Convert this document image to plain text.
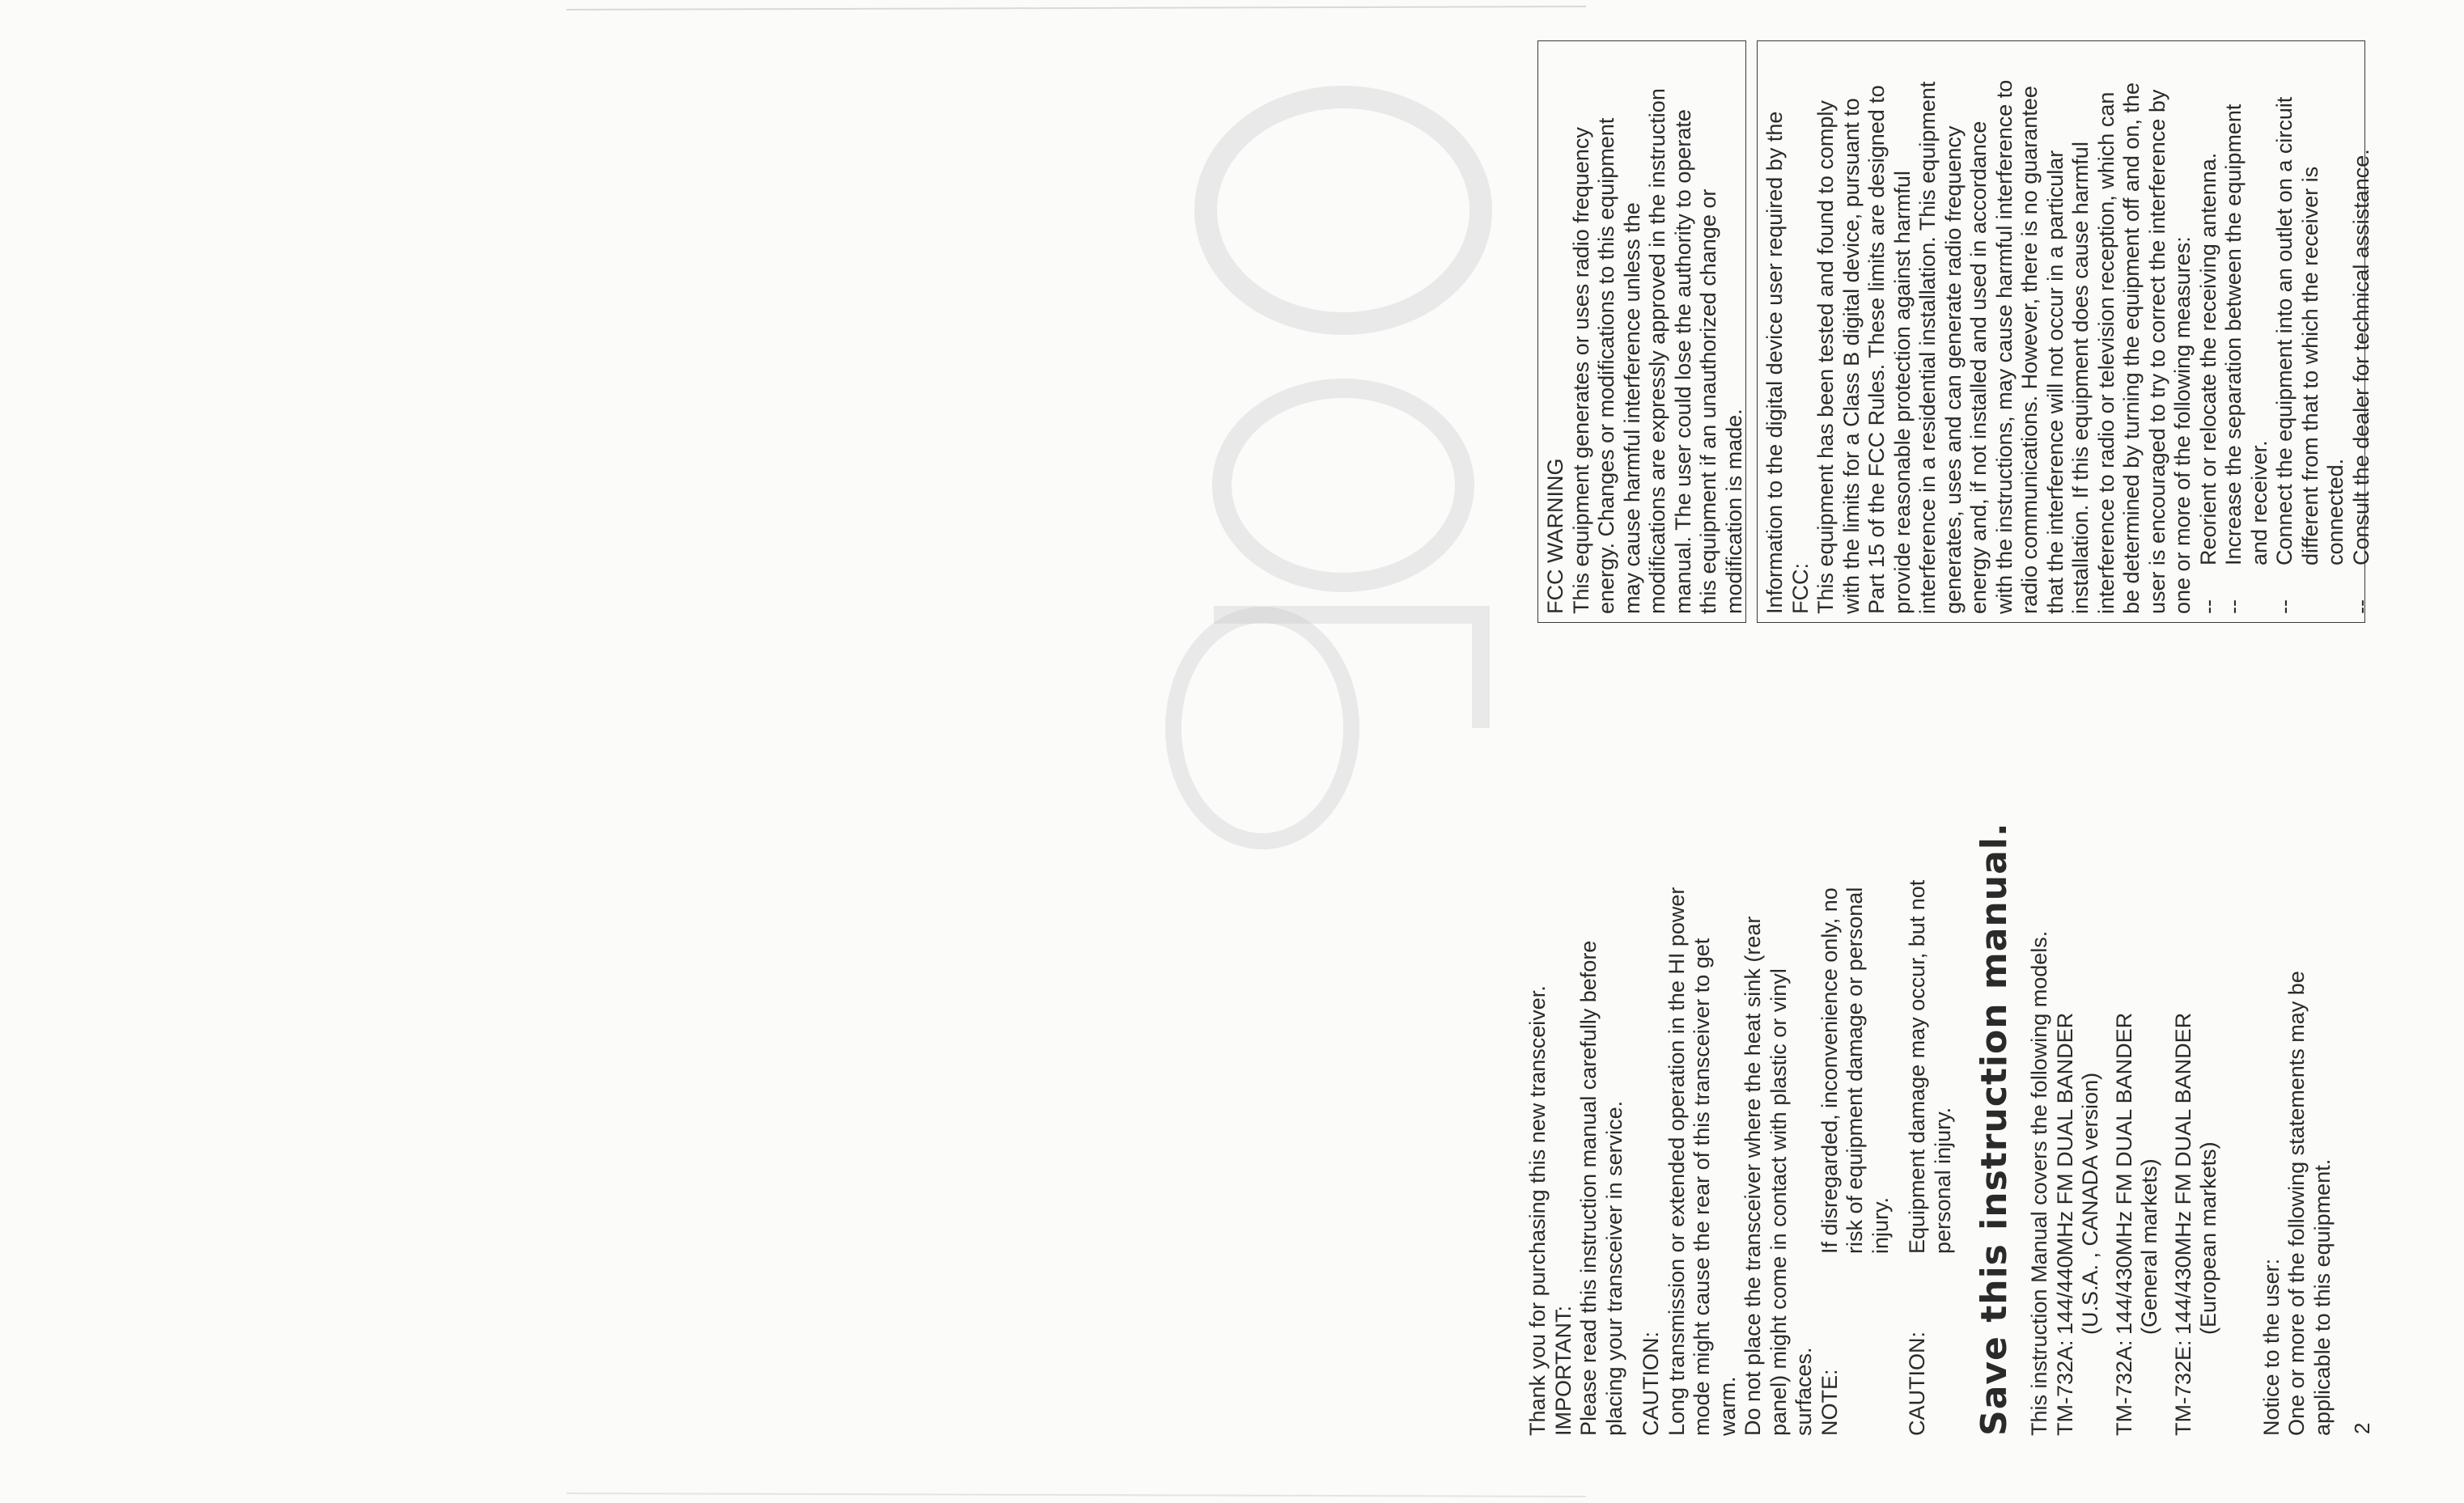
Thank you for purchasing this new transceiver. IMPORTANT: Please read this instruction manual carefully before placing your transceiver in service. CAUTION: Long transmission or extended operation in the HI power mode might cause the rear of this transceiver to get warm. Do not place the transceiver where the heat sink (rear panel) might come in contact with plastic or vinyl surfaces. NOTE:

If disregarded, inconvenience only, no risk of equipment damage or personal injury.

CAUTION:

Equipment damage may occur, but not personal injury. Save this instruction manual. This instruction Manual covers the following models. TM-732A:

144/440MHz FM DUAL BANDER (U.S.A. , CANADA version)

TM-732A:

144/430MHz FM DUAL BANDER (General markets)

TM-732E:

144/430MHz FM DUAL BANDER (European markets)

Notice to the user: One or more of the following statements may be applicable to this equipment. 2

FCC WARNING This equipment generates or uses radio frequency energy. Changes or modifications to this equipment may cause harmful interference unless the modifications are expressly approved in the instruction manual. The user could lose the authority to operate this equipment if an unauthorized change or modification is made. Information to the digital device user required by the FCC: This equipment has been tested and found to comply with the limits for a Class B digital device, pursuant to Part 15 of the FCC Rules. These limits are designed to provide reasonable protection against harmful interference in a residential installation. This equipment generates, uses and can generate radio frequency energy and, if not installed and used in accordance with the instructions, may cause harmful interference to radio communications. However, there is no guarantee that the interference will not occur in a particular installation. If this equipment does cause harmful interference to radio or television reception, which can be determined by turning the equipment off and on, the user is encouraged to try to correct the interference by one or more of the following measures: --

Reorient or relocate the receiving antenna.

--

Increase the separation between the equipment and receiver.

--

Connect the equipment into an outlet on a circuit different from that to which the receiver is connected.

--

Consult the dealer for technical assistance.
